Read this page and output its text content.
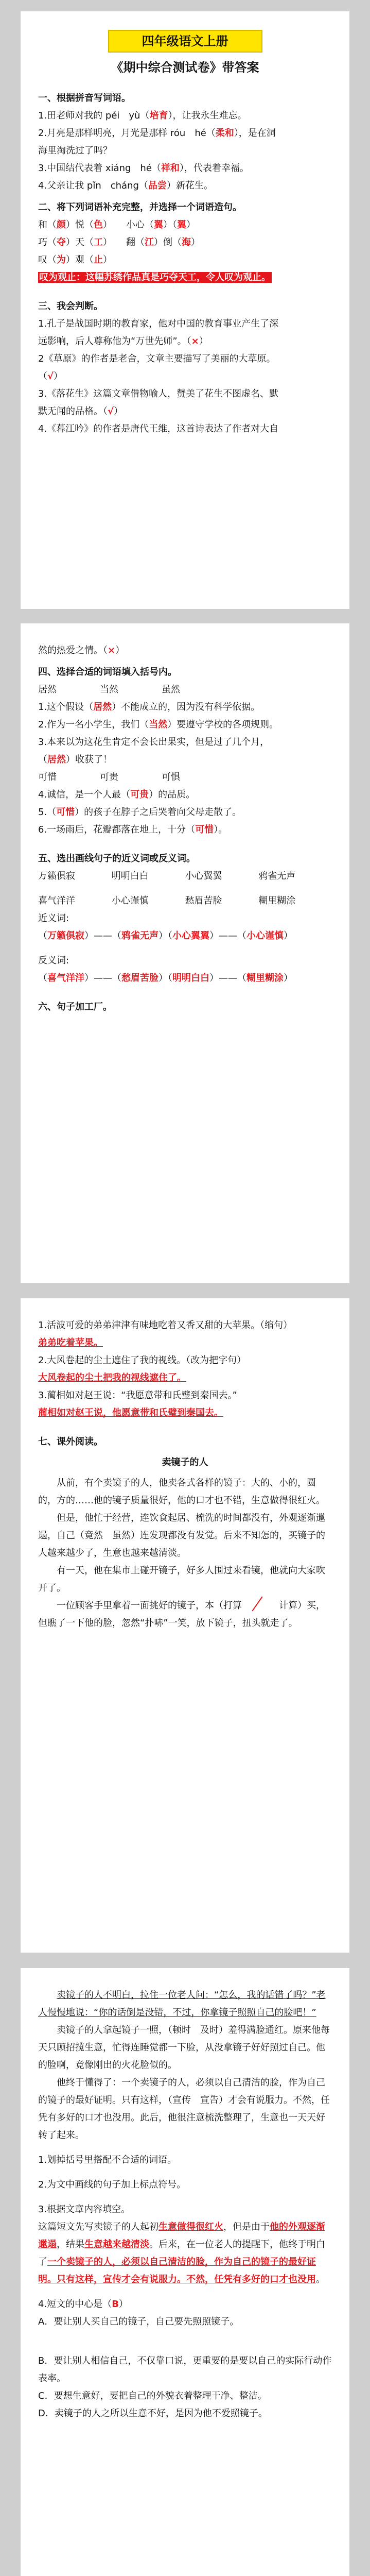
四年级语文上册
《期中综合测试卷》带答案

一、根据拼音写词语。

1.田老师对我的 péi　yù（培育），让我永生难忘。

2.月亮是那样明亮，月光是那样 róu　hé（柔和），是在洞

海里淘洗过了吗？

3.中国结代表着 xiáng　hé（祥和），代表着幸福。

4.父亲让我 pǐn　cháng（品尝）新花生。

二、将下列词语补充完整，并选择一个词语造句。

和（颜）悦（色）　　小心（翼）（翼）

巧（夺）天（工）　　翻（江）倒（海）

叹（为）观（止）

叹为观止：这幅苏绣作品真是巧夺天工，令人叹为观止。

三、我会判断。

1.孔子是战国时期的教育家，他对中国的教育事业产生了深

远影响，后人尊称他为“万世先师”。（×）

2《草原》的作者是老舍，文章主要描写了美丽的大草原。

（√）

3.《落花生》这篇文章借物喻人，赞美了花生不图虚名、默

默无闻的品格。（√）

4.《暮江吟》的作者是唐代王维，这首诗表达了作者对大自

然的热爱之情。（×）

四、选择合适的词语填入括号内。

居然	当然	虽然

1.这个假设（居然）不能成立的，因为没有科学依据。

2.作为一名小学生，我们（当然）要遵守学校的各项规则。

3.本来以为这花生肯定不会长出果实，但是过了几个月，

（居然）收获了！

可惜	可贵	可惧

4.诚信，是一个人最（可贵）的品质。

5.（可惜）的孩子在脖子之后哭着向父母走散了。

6.一场雨后，花瓣都落在地上，十分（可惜）。

五、选出画线句子的近义词或反义词。

万籁俱寂	明明白白	小心翼翼	鸦雀无声
喜气洋洋	小心谨慎	愁眉苦脸	糊里糊涂

近义词:

（万籁俱寂）——（鸦雀无声）（小心翼翼）——（小心谨慎）

反义词:

（喜气洋洋）——（愁眉苦脸）（明明白白）——（糊里糊涂）

六、句子加工厂。

1.活波可爱的弟弟津津有味地吃着又香又甜的大苹果。（缩句）

弟弟吃着苹果。

2.大风卷起的尘土遮住了我的视线。（改为把字句）

大风卷起的尘土把我的视线遮住了。

3.蔺相如对赵王说：“我愿意带和氏璧到秦国去。”

蔺相如对赵王说，他愿意带和氏璧到秦国去。

七、课外阅读。

卖镜子的人

从前，有个卖镜子的人，他卖各式各样的镜子：大的、小的，圆的，方的……他的镜子质量很好，他的口才也不错，生意做得很红火。

但是，他忙于经营，连饮食起居、梳洗的时间都没有，外观逐渐邋遢，自己（竟然　虽然）连发现都没有发觉。后来不知怎的，买镜子的人越来越少了，生意也越来越清淡。

有一天，他在集市上碰开镜子，好多人围过来看镜，他就向大家吹开了。

一位顾客手里拿着一面挑好的镜子，本（打算　　	计算）买，但瞧了一下他的脸，忽然“扑哧”一笑，放下镜子，扭头就走了。

卖镜子的人不明白，拉住一位老人问：“怎么，我的话错了吗？”老人慢慢地说：“你的话倒是没错，不过，你拿镜子照照自己的脸吧！”

卖镜子的人拿起镜子一照，（顿时　及时）羞得满脸通红。原来他每天只顾招揽生意，忙得连睡觉都一下脸，从没拿镜子好好照过自己。他的脸啊，竟像刚出的火花脸似的。

他终于懂得了：一个卖镜子的人，必须以自己清洁的脸，作为自己的镜子的最好证明。只有这样，（宣传　宣告）才会有说服力。不然，任凭有多好的口才也没用。此后，他很注意梳洗整理了，生意也一天天好转了起来。

1.划掉括号里搭配不合适的词语。

2.为文中画线的句子加上标点符号。

3.根据文章内容填空。

这篇短文先写卖镜子的人起初生意做得很红火，但是由于他的外观逐渐邋遢，结果生意越来越清淡。后来，在一位老人的提醒下，他终于明白了一个卖镜子的人，必须以自己清洁的脸，作为自己的镜子的最好证明。只有这样，宣传才会有说服力。不然，任凭有多好的口才也没用。

4.短文的中心是（B）

A．要让别人买自己的镜子，自己要先照照镜子。

B．要让别人相信自己，不仅靠口说，更重要的是要以自己的实际行动作表率。

C．要想生意好，要把自己的外貌衣着整理干净、整洁。

D．卖镜子的人之所以生意不好，是因为他不爱照镜子。
